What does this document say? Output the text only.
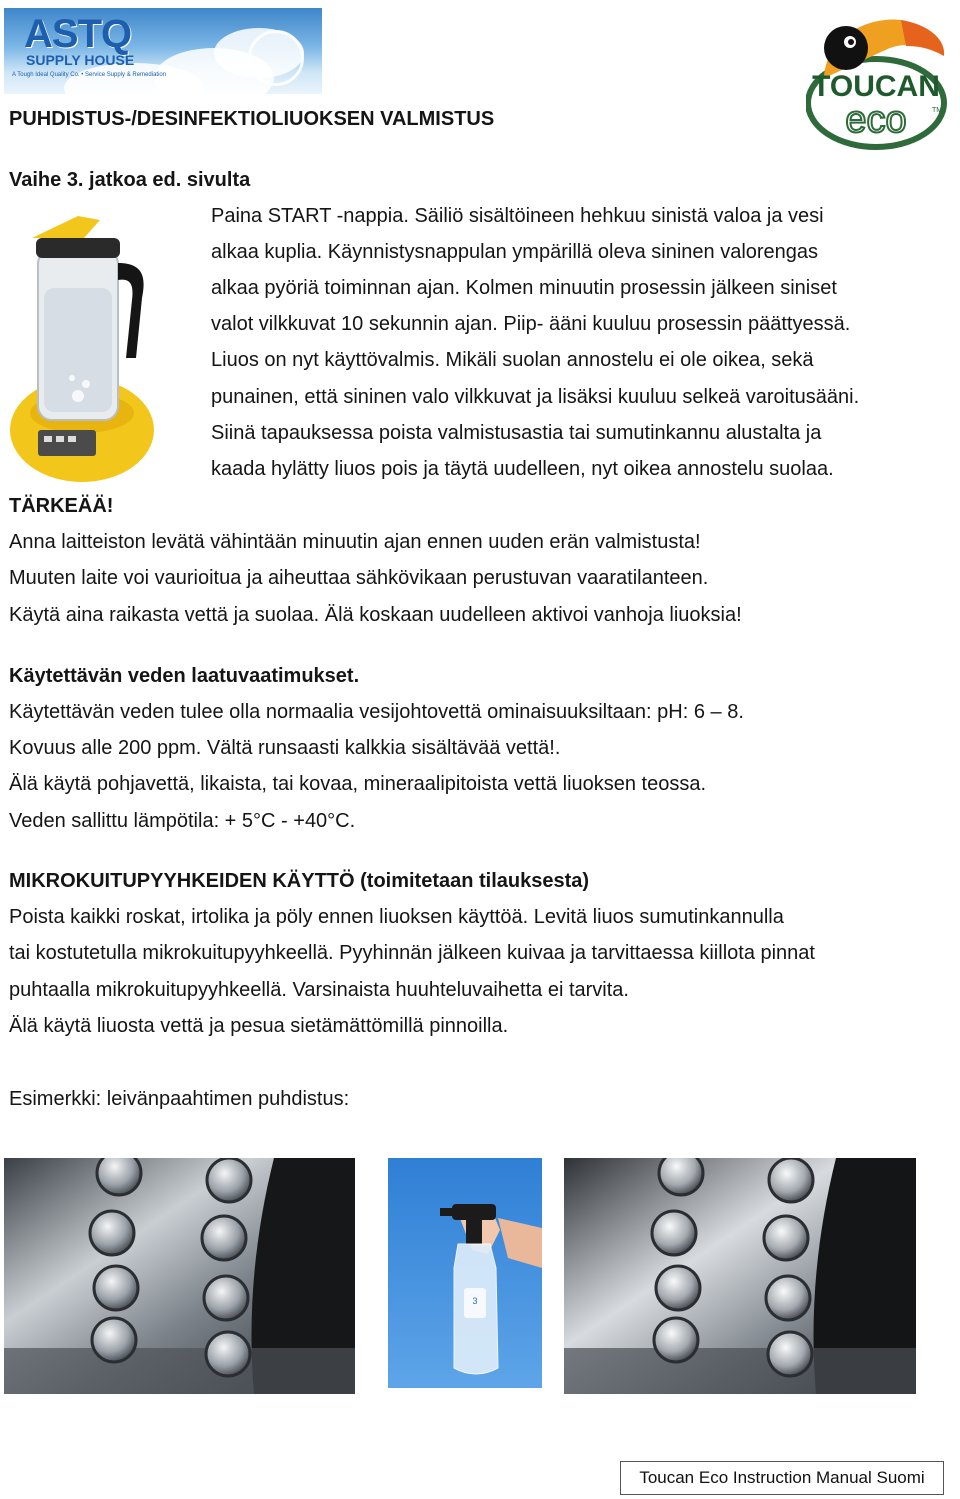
ASTQ
SUPPLY HOUSE
A Tough Ideal Quality Co. • Service Supply & Remediation	TOUCAN
eco	TM
PUHDISTUS-/DESINFEKTIOLIUOKSEN VALMISTUS
Vaihe 3. jatkoa ed. sivulta
Paina START -nappia. Säiliö sisältöineen hehkuu sinistä valoa ja vesi
alkaa kuplia. Käynnistysnappulan ympärillä oleva sininen valorengas
alkaa pyöriä toiminnan ajan. Kolmen minuutin prosessin jälkeen siniset
valot vilkkuvat 10 sekunnin ajan. Piip- ääni kuuluu prosessin päättyessä.
Liuos on nyt käyttövalmis. Mikäli suolan annostelu ei ole oikea, sekä
punainen, että sininen valo vilkkuvat ja lisäksi kuuluu selkeä varoitusääni.
Siinä tapauksessa poista valmistusastia tai sumutinkannu alustalta ja
kaada hylätty liuos pois ja täytä uudelleen, nyt oikea annostelu suolaa.
TÄRKEÄÄ!
Anna laitteiston levätä vähintään minuutin ajan ennen uuden erän valmistusta!
Muuten laite voi vaurioitua ja aiheuttaa sähkövikaan perustuvan vaaratilanteen.
Käytä aina raikasta vettä ja suolaa. Älä koskaan uudelleen aktivoi vanhoja liuoksia!
Käytettävän veden laatuvaatimukset.
Käytettävän veden tulee olla normaalia vesijohtovettä ominaisuuksiltaan: pH: 6 – 8.
Kovuus alle 200 ppm. Vältä runsaasti kalkkia sisältävää vettä!.
Älä käytä pohjavettä, likaista, tai kovaa, mineraalipitoista vettä liuoksen teossa.
Veden sallittu lämpötila: + 5°C - +40°C.
MIKROKUITUPYYHKEIDEN KÄYTTÖ (toimitetaan tilauksesta)
Poista kaikki roskat, irtolika ja pöly ennen liuoksen käyttöä. Levitä liuos sumutinkannulla
tai kostutetulla mikrokuitupyyhkeellä. Pyyhinnän jälkeen kuivaa ja tarvittaessa kiillota pinnat
puhtaalla mikrokuitupyyhkeellä. Varsinaista huuhteluvaihetta ei tarvita.
Älä käytä liuosta vettä ja pesua sietämättömillä pinnoilla.
Esimerkki: leivänpaahtimen puhdistus:
3
Toucan Eco Instruction Manual Suomi
